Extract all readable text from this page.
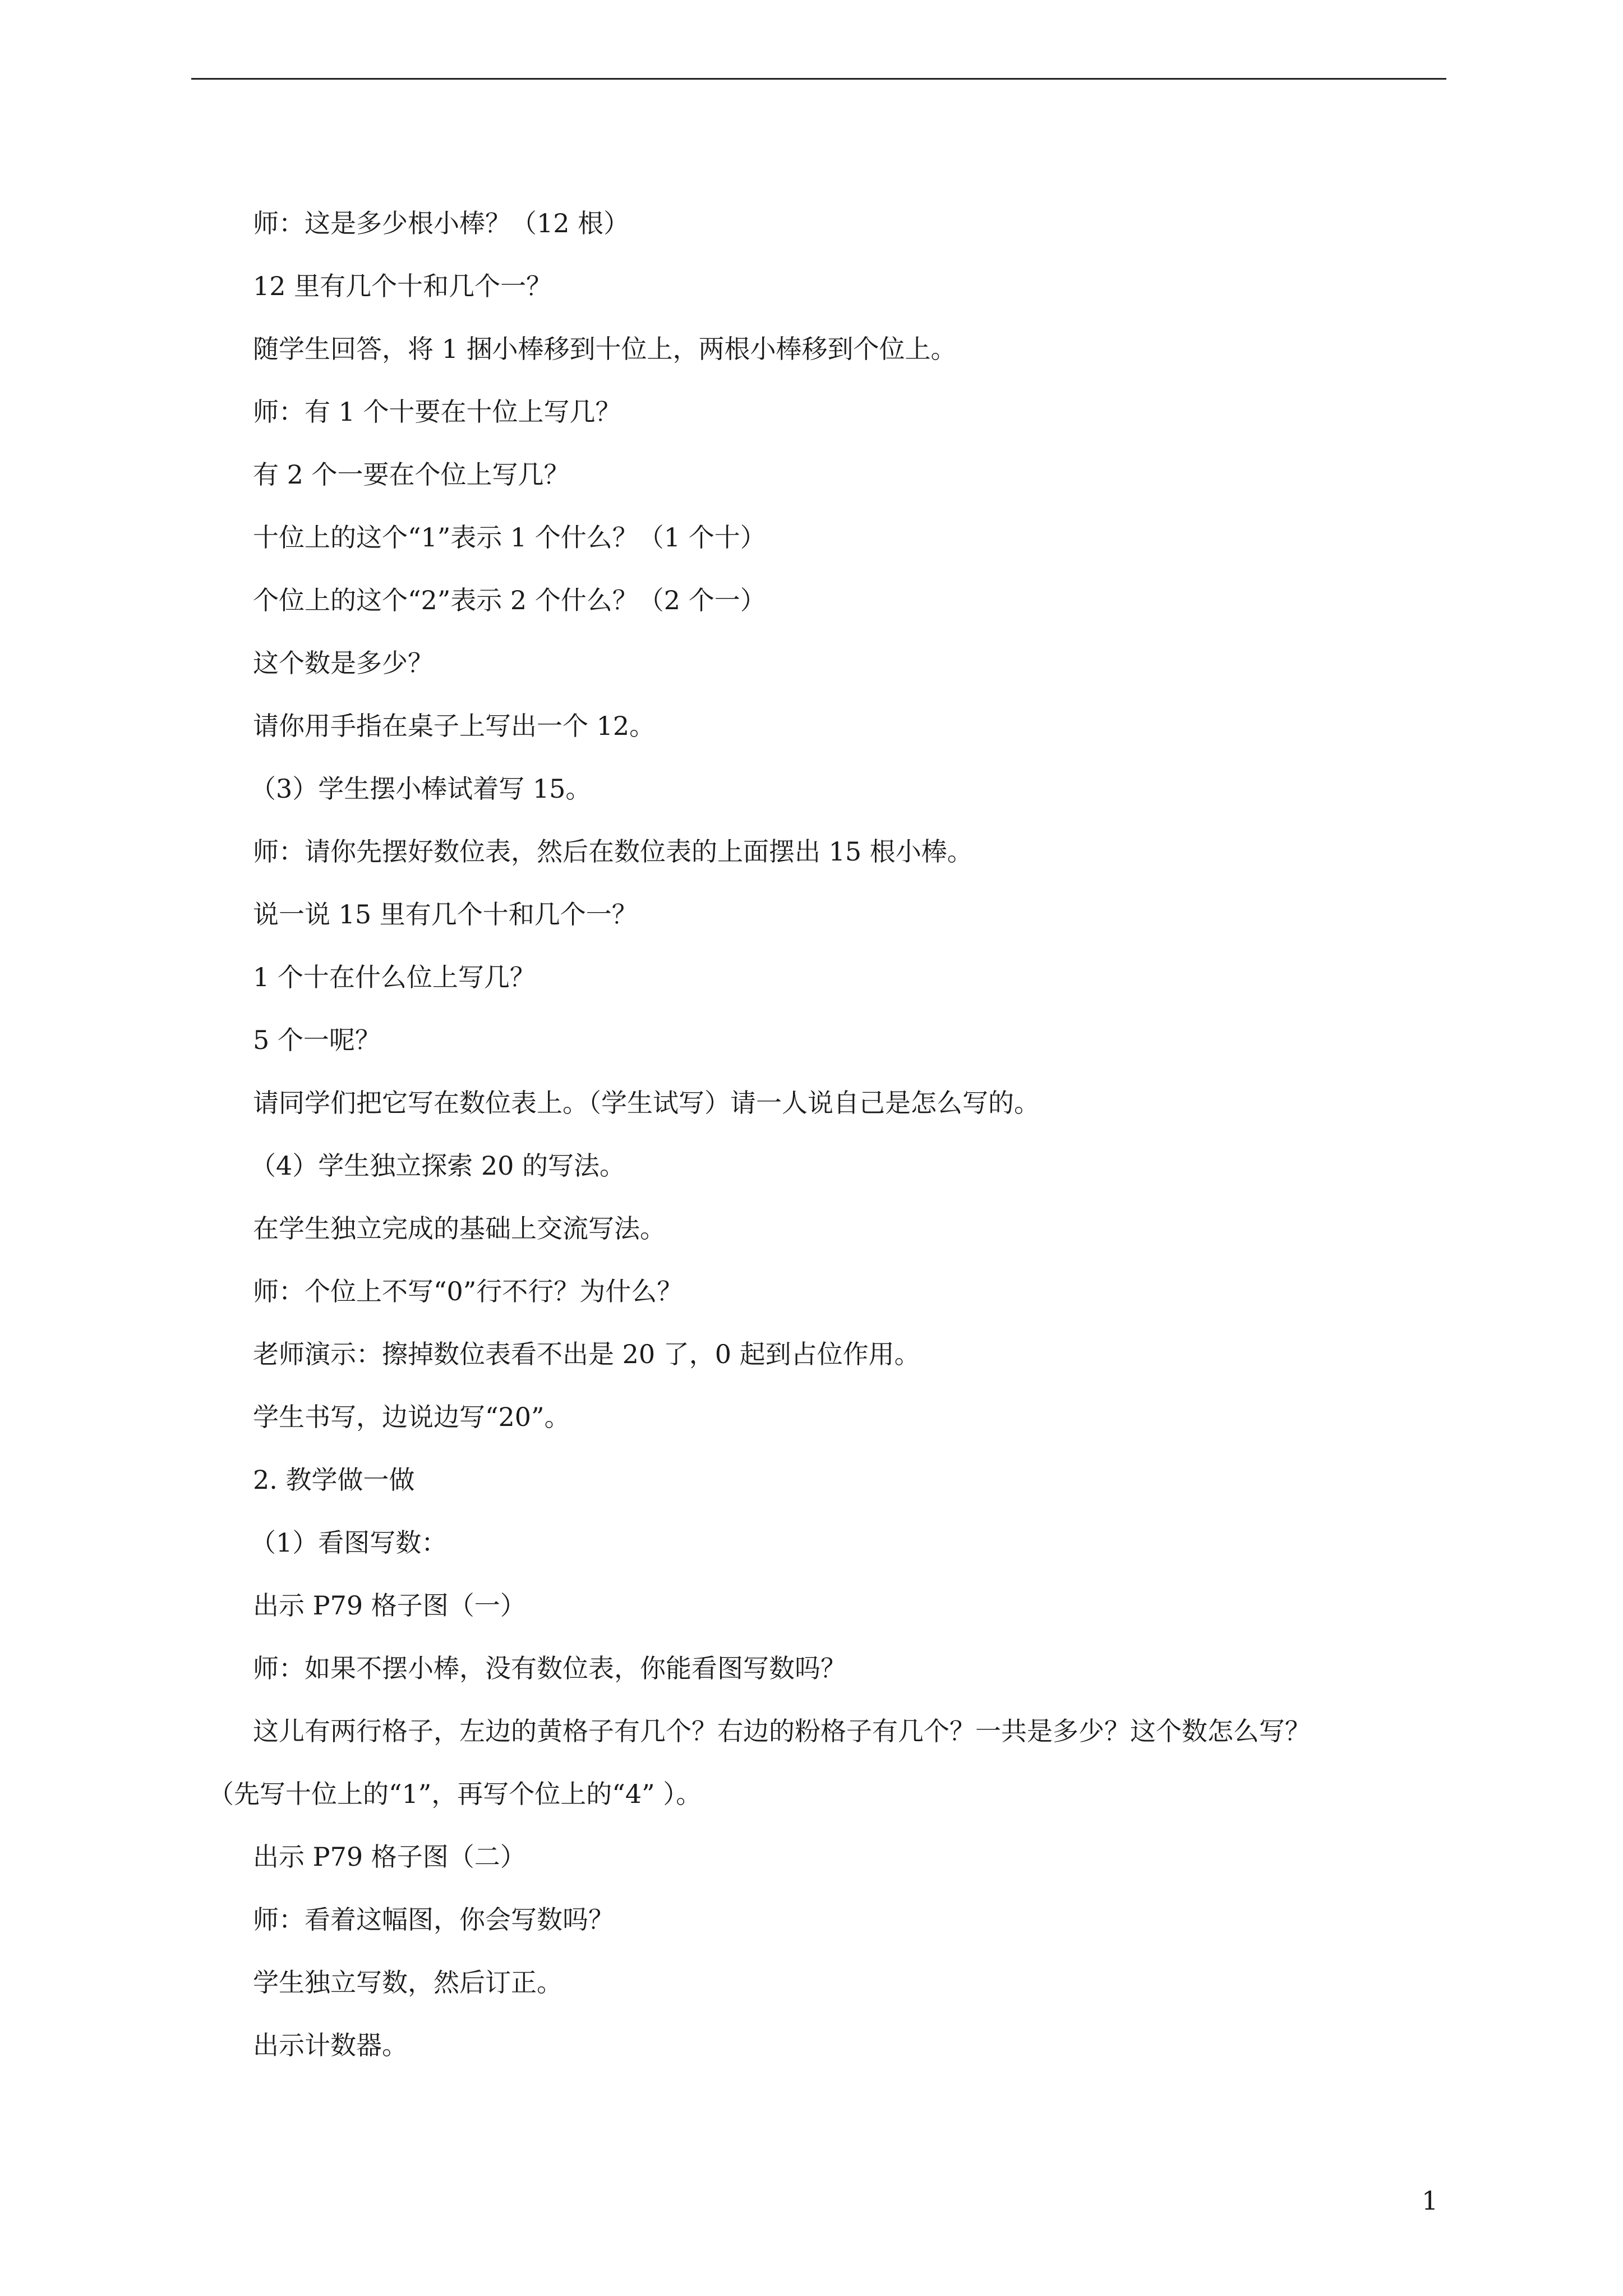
师：这是多少根小棒？（12 根）
12 里有几个十和几个一？
随学生回答，将 1 捆小棒移到十位上，两根小棒移到个位上。
师：有 1 个十要在十位上写几？
有 2 个一要在个位上写几？
十位上的这个“1”表示 1 个什么？（1 个十）
个位上的这个“2”表示 2 个什么？（2 个一）
这个数是多少？
请你用手指在桌子上写出一个 12。
（3）学生摆小棒试着写 15。
师：请你先摆好数位表，然后在数位表的上面摆出 15 根小棒。
说一说 15 里有几个十和几个一？
1 个十在什么位上写几？
5 个一呢？
请同学们把它写在数位表上。（学生试写）请一人说自己是怎么写的。
（4）学生独立探索 20 的写法。
在学生独立完成的基础上交流写法。
师：个位上不写“0”行不行？为什么？
老师演示：擦掉数位表看不出是 20 了，0 起到占位作用。
学生书写，边说边写“20”。
2. 教学做一做
（1）看图写数：
出示 P79 格子图（一）
师：如果不摆小棒，没有数位表，你能看图写数吗？
这儿有两行格子，左边的黄格子有几个？右边的粉格子有几个？一共是多少？这个数怎么写？
（先写十位上的“1”，再写个位上的“4” ）。
出示 P79 格子图（二）
师：看着这幅图，你会写数吗？
学生独立写数，然后订正。
出示计数器。
1
